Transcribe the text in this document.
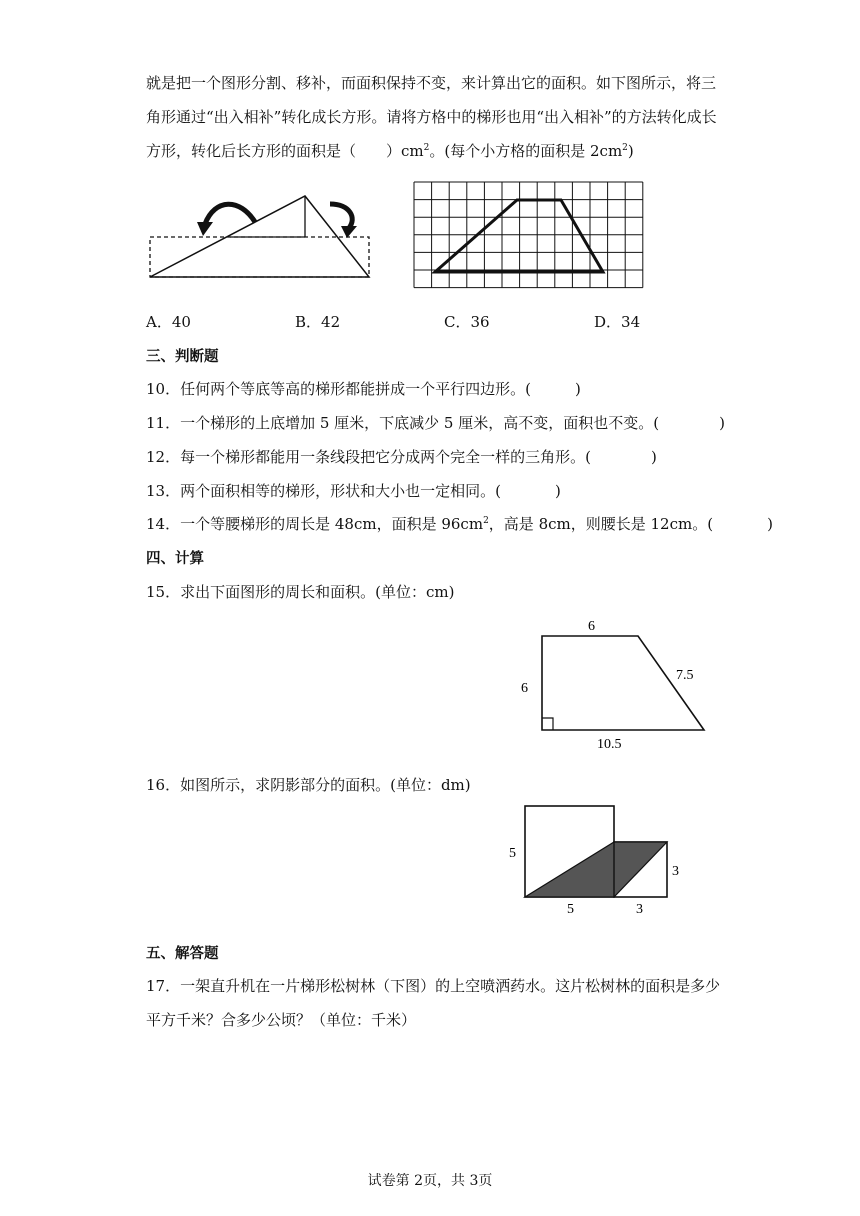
就是把一个图形分割、移补，而面积保持不变，来计算出它的面积。如下图所示，将三
角形通过“出入相补”转化成长方形。请将方格中的梯形也用“出入相补”的方法转化成长
方形，转化后长方形的面积是（ ）$cm^2$。(每个小方格的面积是 $2cm^2$)
A．40	B．42	C．36	D．34
三、判断题
10．任何两个等底等高的梯形都能拼成一个平行四边形。(	)
11．一个梯形的上底增加 5 厘米，下底减少 5 厘米，高不变，面积也不变。(	)
12．每一个梯形都能用一条线段把它分成两个完全一样的三角形。(	)
13．两个面积相等的梯形，形状和大小也一定相同。(	)
14．一个等腰梯形的周长是 48cm，面积是 $96cm^2$，高是 8cm，则腰长是 12cm。(	)
四、计算
15．求出下面图形的周长和面积。(单位：cm)
6
6
7.5
10.5
16．如图所示，求阴影部分的面积。(单位：dm)
5
5	3
3
五、解答题
17．一架直升机在一片梯形松树林（下图）的上空喷洒药水。这片松树林的面积是多少
平方千米？合多少公顷？（单位：千米）
试卷第 2页，共 3页
